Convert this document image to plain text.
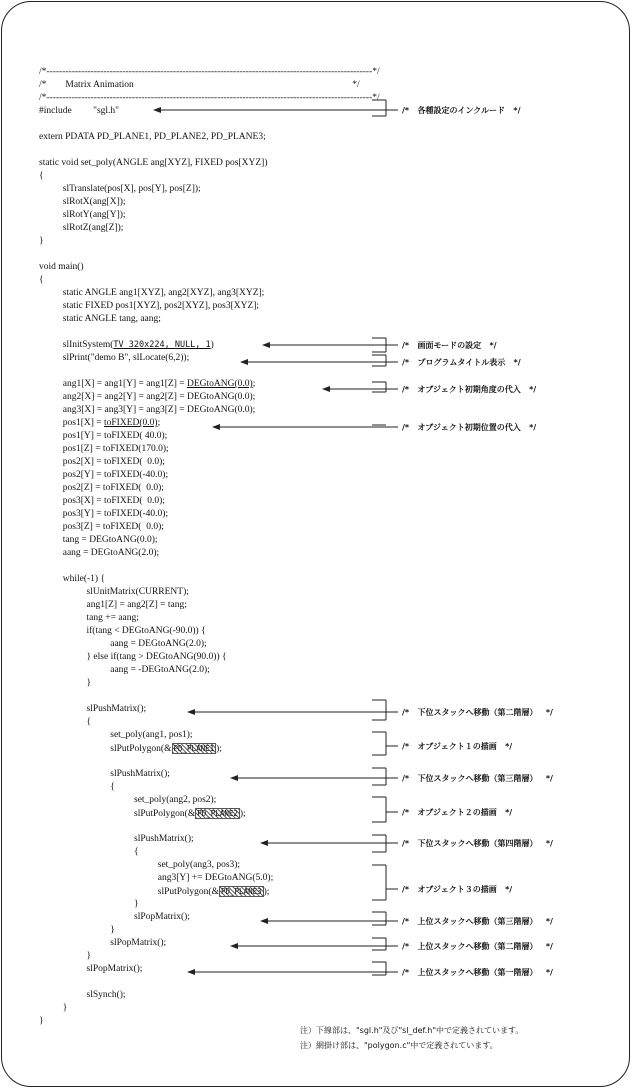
/*-------------------------------------------------------------------------------------------------------*/
/*        Matrix Animation                                                                                            */
/*-------------------------------------------------------------------------------------------------------*/
#include         "sgl.h"
extern PDATA PD_PLANE1, PD_PLANE2, PD_PLANE3;
static void set_poly(ANGLE ang[XYZ], FIXED pos[XYZ])
{
slTranslate(pos[X], pos[Y], pos[Z]);
slRotX(ang[X]);
slRotY(ang[Y]);
slRotZ(ang[Z]);
}
void main()
{
static ANGLE ang1[XYZ], ang2[XYZ], ang3[XYZ];
static FIXED pos1[XYZ], pos2[XYZ], pos3[XYZ];
static ANGLE tang, aang;
slInitSystem(TV_320x224, NULL, 1)
slPrint("demo B", slLocate(6,2));
ang1[X] = ang1[Y] = ang1[Z] = DEGtoANG(0.0);
ang2[X] = ang2[Y] = ang2[Z] = DEGtoANG(0.0);
ang3[X] = ang3[Y] = ang3[Z] = DEGtoANG(0.0);
pos1[X] = toFIXED(0.0);
pos1[Y] = toFIXED( 40.0);
pos1[Z] = toFIXED(170.0);
pos2[X] = toFIXED(  0.0);
pos2[Y] = toFIXED(-40.0);
pos2[Z] = toFIXED(  0.0);
pos3[X] = toFIXED(  0.0);
pos3[Y] = toFIXED(-40.0);
pos3[Z] = toFIXED(  0.0);
tang = DEGtoANG(0.0);
aang = DEGtoANG(2.0);
while(-1) {
slUnitMatrix(CURRENT);
ang1[Z] = ang2[Z] = tang;
tang += aang;
if(tang < DEGtoANG(-90.0)) {
aang = DEGtoANG(2.0);
} else if(tang > DEGtoANG(90.0)) {
aang = -DEGtoANG(2.0);
}
slPushMatrix();
{
set_poly(ang1, pos1);
slPutPolygon(& PD_PLANE1 );
slPushMatrix();
{
set_poly(ang2, pos2);
slPutPolygon(& PD_PLANE2 );
slPushMatrix();
{
set_poly(ang3, pos3);
ang3[Y] += DEGtoANG(5.0);
slPutPolygon(& PD_PLANE3 );
}
slPopMatrix();
}
slPopMatrix();
}
slPopMatrix();
slSynch();
}
}
/*   各種設定のインクルード   */
/*   画面モードの設定   */
/*   プログラムタイトル表示   */
/*   オブジェクト初期角度の代入   */
/*   オブジェクト初期位置の代入   */
/*   下位スタックへ移動（第二階層）   */
/*   オブジェクト１の描画   */
/*   下位スタックへ移動（第三階層）   */
/*   オブジェクト２の描画   */
/*   下位スタックへ移動（第四階層）   */
/*   オブジェクト３の描画   */
/*   上位スタックへ移動（第三階層）   */
/*   上位スタックへ移動（第二階層）   */
/*   上位スタックへ移動（第一階層）   */
注）下線部は、"sgl.h"及び"sl_def.h"中で定義されています。
注）網掛け部は、"polygon.c"中で定義されています。
